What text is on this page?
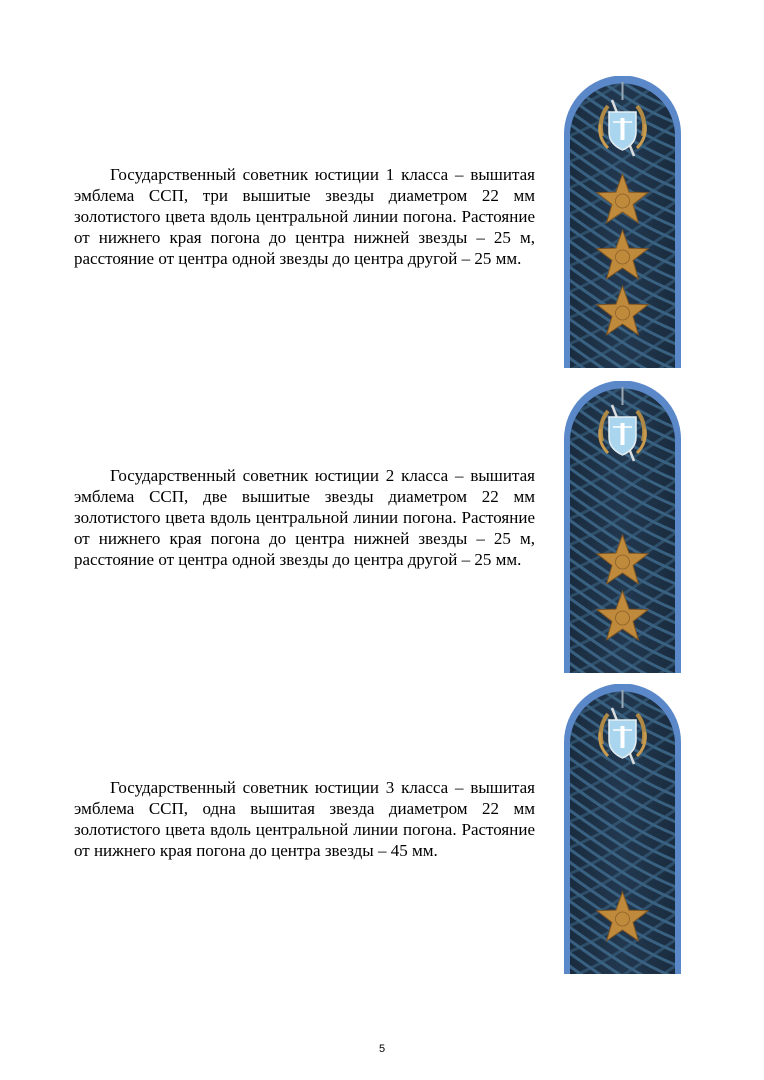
Государственный советник юстиции 1 класса – вышитая эмблема ССП, три вышитые звезды диаметром 22 мм золотистого цвета вдоль центральной линии погона. Растояние от нижнего края погона до центра нижней звезды – 25 м, расстояние от центра одной звезды до центра другой – 25 мм.

Государственный советник юстиции 2 класса – вышитая эмблема ССП, две вышитые звезды диаметром 22 мм золотистого цвета вдоль центральной линии погона. Растояние от нижнего края погона до центра нижней звезды – 25 м, расстояние от центра одной звезды до центра другой – 25 мм.

Государственный советник юстиции 3 класса – вышитая эмблема ССП, одна вышитая звезда диаметром 22 мм золотистого цвета вдоль центральной линии погона. Растояние от нижнего края погона до центра звезды – 45 мм.

5
